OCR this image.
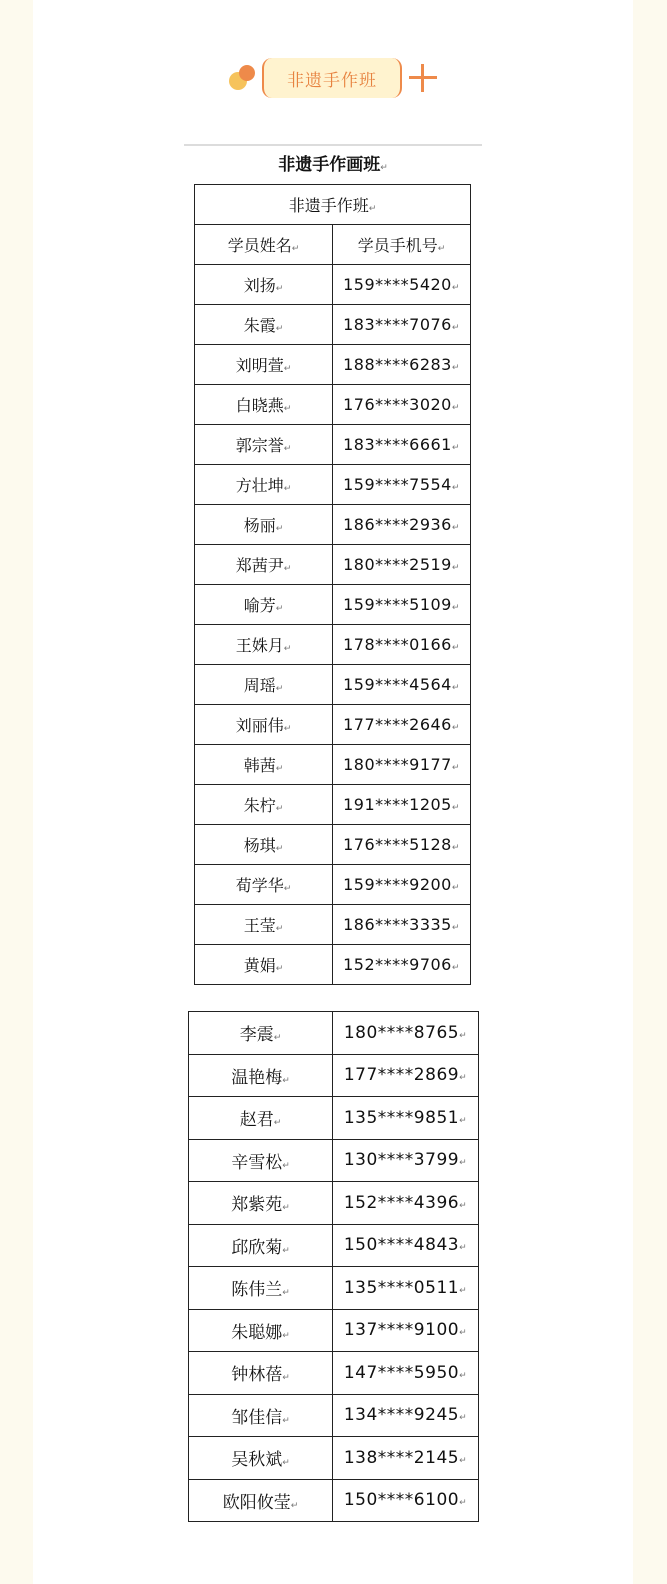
非遗手作班
非遗手作画班↵
非遗手作班↵	
学员姓名↵	学员手机号↵
刘扬↵	159****5420↵
朱霞↵	183****7076↵
刘明萱↵	188****6283↵
白晓燕↵	176****3020↵
郭宗誉↵	183****6661↵
方壮坤↵	159****7554↵
杨丽↵	186****2936↵
郑茜尹↵	180****2519↵
喻芳↵	159****5109↵
王姝月↵	178****0166↵
周瑶↵	159****4564↵
刘丽伟↵	177****2646↵
韩茜↵	180****9177↵
朱柠↵	191****1205↵
杨琪↵	176****5128↵
荀学华↵	159****9200↵
王莹↵	186****3335↵
黄娟↵	152****9706↵
李震↵	180****8765↵
温艳梅↵	177****2869↵
赵君↵	135****9851↵
辛雪松↵	130****3799↵
郑紫苑↵	152****4396↵
邱欣菊↵	150****4843↵
陈伟兰↵	135****0511↵
朱聪娜↵	137****9100↵
钟林蓓↵	147****5950↵
邹佳信↵	134****9245↵
吴秋斌↵	138****2145↵
欧阳攸莹↵	150****6100↵
